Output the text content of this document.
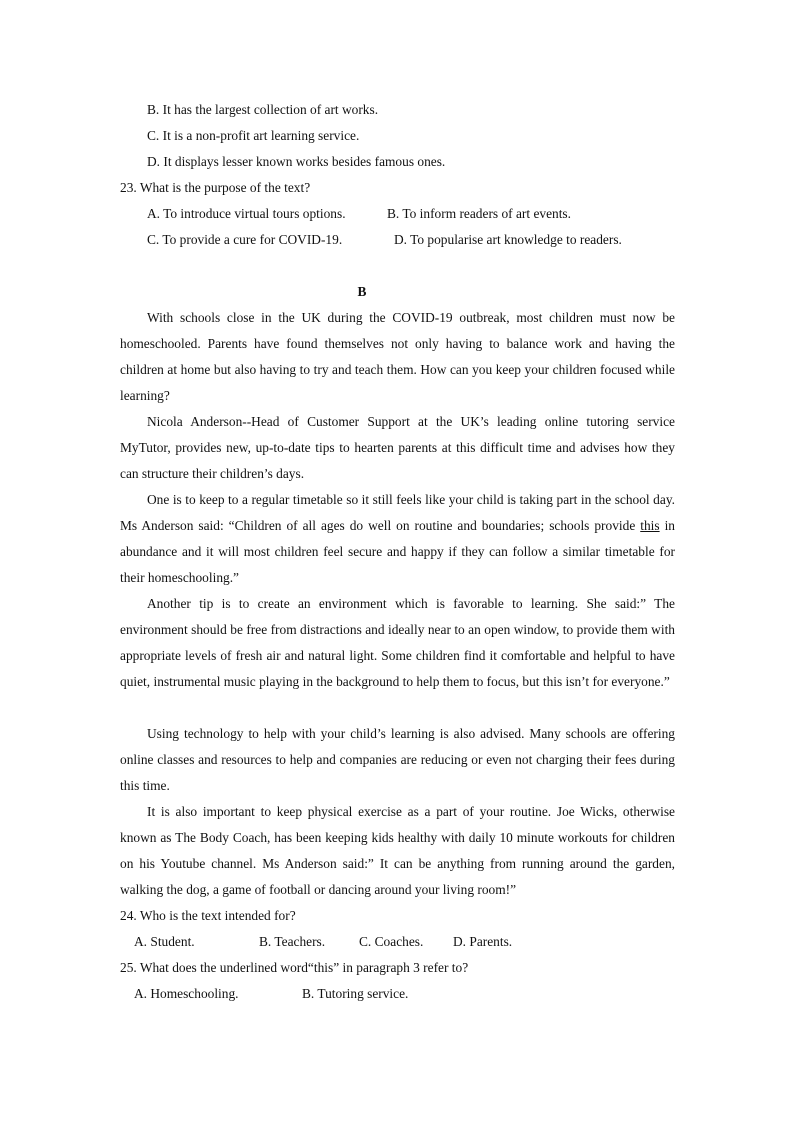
B. It has the largest collection of art works.
C. It is a non-profit art learning service.
D. It displays lesser known works besides famous ones.
23. What is the purpose of the text?
A. To introduce virtual tours options.	B. To inform readers of art events.
C. To provide a cure for COVID-19.	D. To popularise art knowledge to readers.
B
With schools close in the UK during the COVID-19 outbreak, most children must now be homeschooled. Parents have found themselves not only having to balance work and having the children at home but also having to try and teach them. How can you keep your children focused while learning?
Nicola Anderson--Head of Customer Support at the UK’s leading online tutoring service MyTutor, provides new, up-to-date tips to hearten parents at this difficult time and advises how they can structure their children’s days.
One is to keep to a regular timetable so it still feels like your child is taking part in the school day. Ms Anderson said: “Children of all ages do well on routine and boundaries; schools provide this in abundance and it will most children feel secure and happy if they can follow a similar timetable for their homeschooling.”
Another tip is to create an environment which is favorable to learning. She said:” The environment should be free from distractions and ideally near to an open window, to provide them with appropriate levels of fresh air and natural light. Some children find it comfortable and helpful to have quiet, instrumental music playing in the background to help them to focus, but this isn’t for everyone.”
Using technology to help with your child’s learning is also advised. Many schools are offering online classes and resources to help and companies are reducing or even not charging their fees during this time.
It is also important to keep physical exercise as a part of your routine. Joe Wicks, otherwise known as The Body Coach, has been keeping kids healthy with daily 10 minute workouts for children on his Youtube channel. Ms Anderson said:” It can be anything from running around the garden, walking the dog, a game of football or dancing around your living room!”
24. Who is the text intended for?
A. Student.	B. Teachers.	C. Coaches. D. Parents.
25. What does the underlined word“this” in paragraph 3 refer to?
A. Homeschooling.	B. Tutoring service.
